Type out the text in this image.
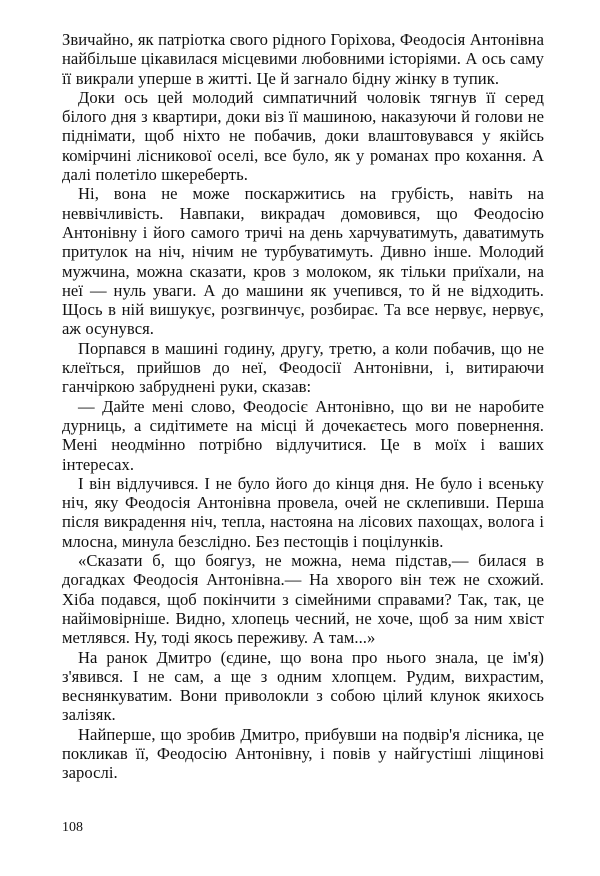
Звичайно, як патріотка свого рідного Горіхова, Феодосія Антонівна найбільше цікавилася місцевими любовними історіями. А ось саму її викрали уперше в житті. Це й загнало бідну жінку в тупик.

Доки ось цей молодий симпатичний чоловік тягнув її серед білого дня з квартири, доки віз її машиною, наказуючи й голови не піднімати, щоб ніхто не побачив, доки влаштовувався у якійсь комірчині лісникової оселі, все було, як у романах про кохання. А далі полетіло шкереберть.

Ні, вона не може поскаржитись на грубість, навіть на неввічливість. Навпаки, викрадач домовився, що Феодосію Антонівну і його самого тричі на день харчуватимуть, даватимуть притулок на ніч, нічим не турбуватимуть. Дивно інше. Молодий мужчина, можна сказати, кров з молоком, як тільки приїхали, на неї — нуль уваги. А до машини як учепився, то й не відходить. Щось в ній вишукує, розгвинчує, розбирає. Та все нервує, нервує, аж осунувся.

Порпався в машині годину, другу, третю, а коли побачив, що не клеїться, прийшов до неї, Феодосії Антонівни, і, витираючи ганчіркою забруднені руки, сказав:

— Дайте мені слово, Феодосіє Антонівно, що ви не наробите дурниць, а сидітимете на місці й дочекаєтесь мого повернення. Мені неодмінно потрібно відлучитися. Це в моїх і ваших інтересах.

І він відлучився. І не було його до кінця дня. Не було і всеньку ніч, яку Феодосія Антонівна провела, очей не склепивши. Перша після викрадення ніч, тепла, настояна на лісових пахощах, волога і млосна, минула безслідно. Без пестощів і поцілунків.

«Сказати б, що боягуз, не можна, нема підстав,— билася в догадках Феодосія Антонівна.— На хворого він теж не схожий. Хіба подався, щоб покінчити з сімейними справами? Так, так, це найімовірніше. Видно, хлопець чесний, не хоче, щоб за ним хвіст метлявся. Ну, тоді якось переживу. А там...»

На ранок Дмитро (єдине, що вона про нього знала, це ім'я) з'явився. І не сам, а ще з одним хлопцем. Рудим, вихрастим, веснянкуватим. Вони приволокли з собою цілий клунок якихось залізяк.

Найперше, що зробив Дмитро, прибувши на подвір'я лісника, це покликав її, Феодосію Антонівну, і повів у найгустіші ліщинові зарослі.

108
